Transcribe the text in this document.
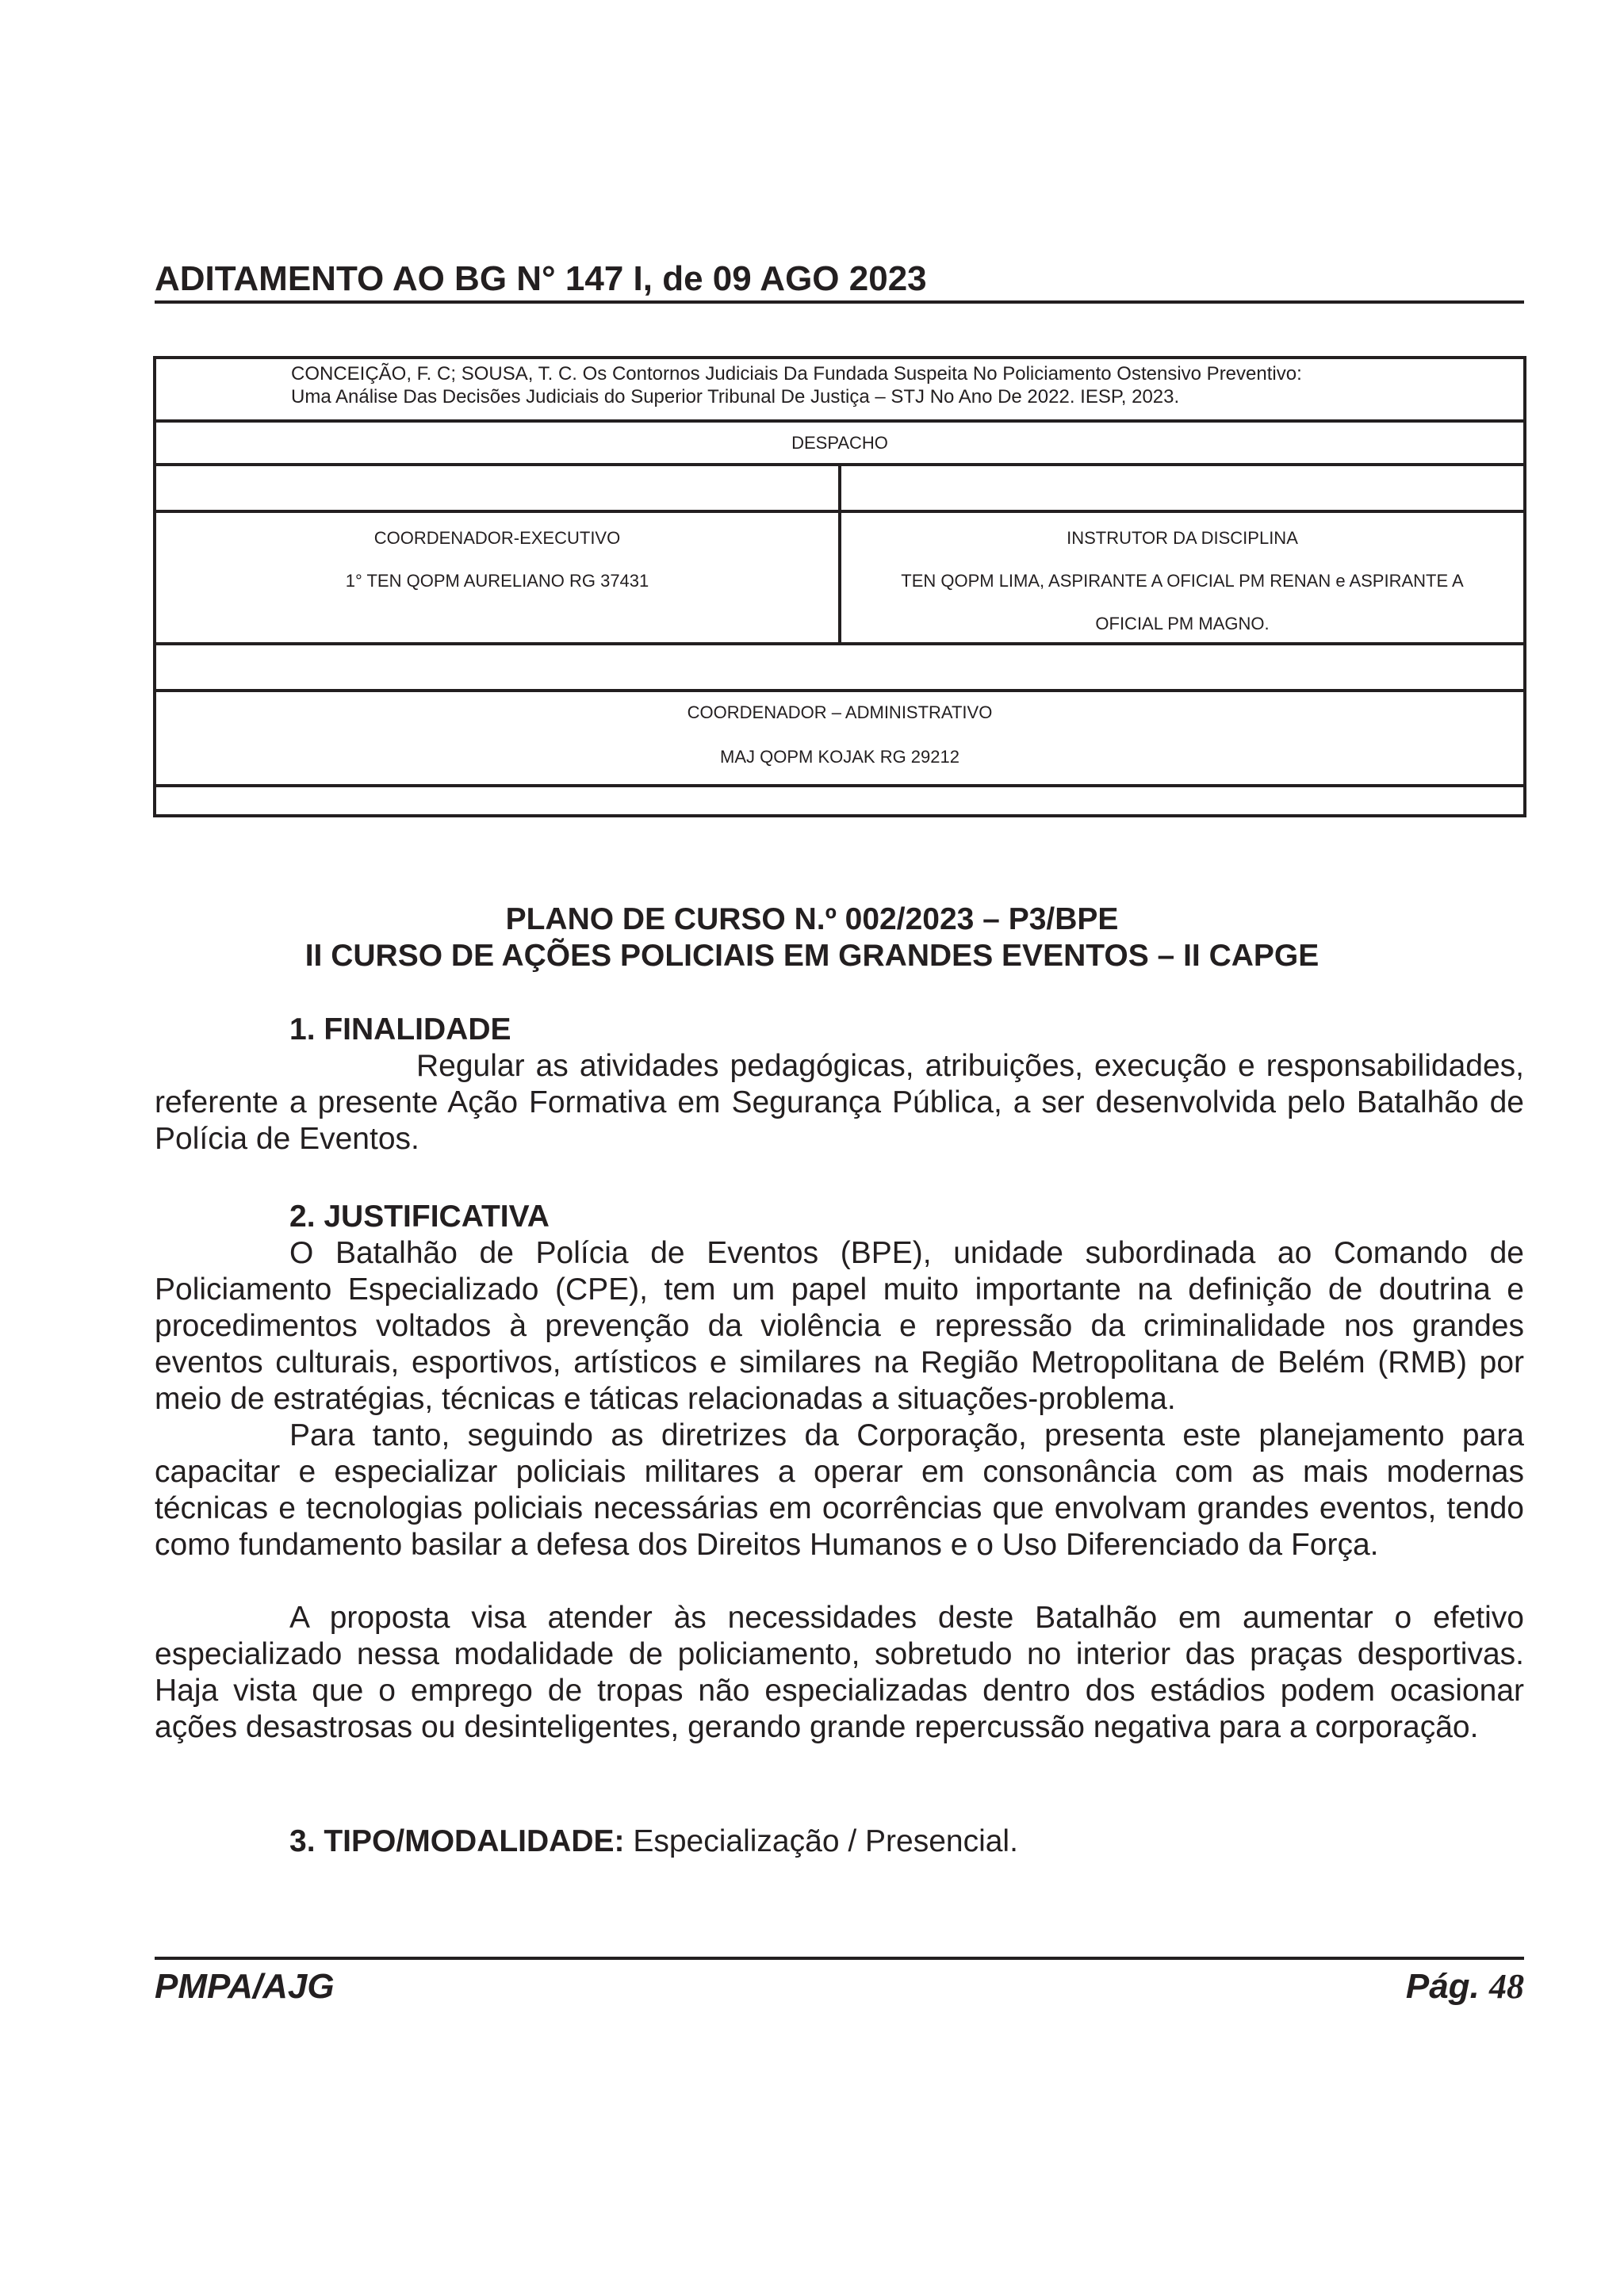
ADITAMENTO AO BG N° 147 I, de 09 AGO 2023
CONCEIÇÃO, F. C; SOUSA, T. C. Os Contornos Judiciais Da Fundada Suspeita No Policiamento Ostensivo Preventivo:
Uma Análise Das Decisões Judiciais do Superior Tribunal De Justiça – STJ No Ano De 2022. IESP, 2023.
DESPACHO
COORDENADOR-EXECUTIVO
1° TEN QOPM AURELIANO RG 37431
INSTRUTOR DA DISCIPLINA
TEN QOPM LIMA, ASPIRANTE A OFICIAL PM RENAN e ASPIRANTE A
OFICIAL PM MAGNO.
COORDENADOR – ADMINISTRATIVO
MAJ QOPM KOJAK RG 29212
PLANO DE CURSO N.º 002/2023 – P3/BPE
II CURSO DE AÇÕES POLICIAIS EM GRANDES EVENTOS – II CAPGE
1. FINALIDADE
Regular as atividades pedagógicas, atribuições, execução e responsabilidades, referente a presente Ação Formativa em Segurança Pública, a ser desenvolvida pelo Batalhão de Polícia de Eventos.
2. JUSTIFICATIVA
O Batalhão de Polícia de Eventos (BPE), unidade subordinada ao Comando de Policiamento Especializado (CPE), tem um papel muito importante na definição de doutrina e procedimentos voltados à prevenção da violência e repressão da criminalidade nos grandes eventos culturais, esportivos, artísticos e similares na Região Metropolitana de Belém (RMB) por meio de estratégias, técnicas e táticas relacionadas a situações-problema.
Para tanto, seguindo as diretrizes da Corporação, presenta este planejamento para capacitar e especializar policiais militares a operar em consonância com as mais modernas técnicas e tecnologias policiais necessárias em ocorrências que envolvam grandes eventos, tendo como fundamento basilar a defesa dos Direitos Humanos e o Uso Diferenciado da Força.
A proposta visa atender às necessidades deste Batalhão em aumentar o efetivo especializado nessa modalidade de policiamento, sobretudo no interior das praças desportivas. Haja vista que o emprego de tropas não especializadas dentro dos estádios podem ocasionar ações desastrosas ou desinteligentes, gerando grande repercussão negativa para a corporação.
3. TIPO/MODALIDADE: Especialização / Presencial.
PMPA/AJG	Pág. 48
